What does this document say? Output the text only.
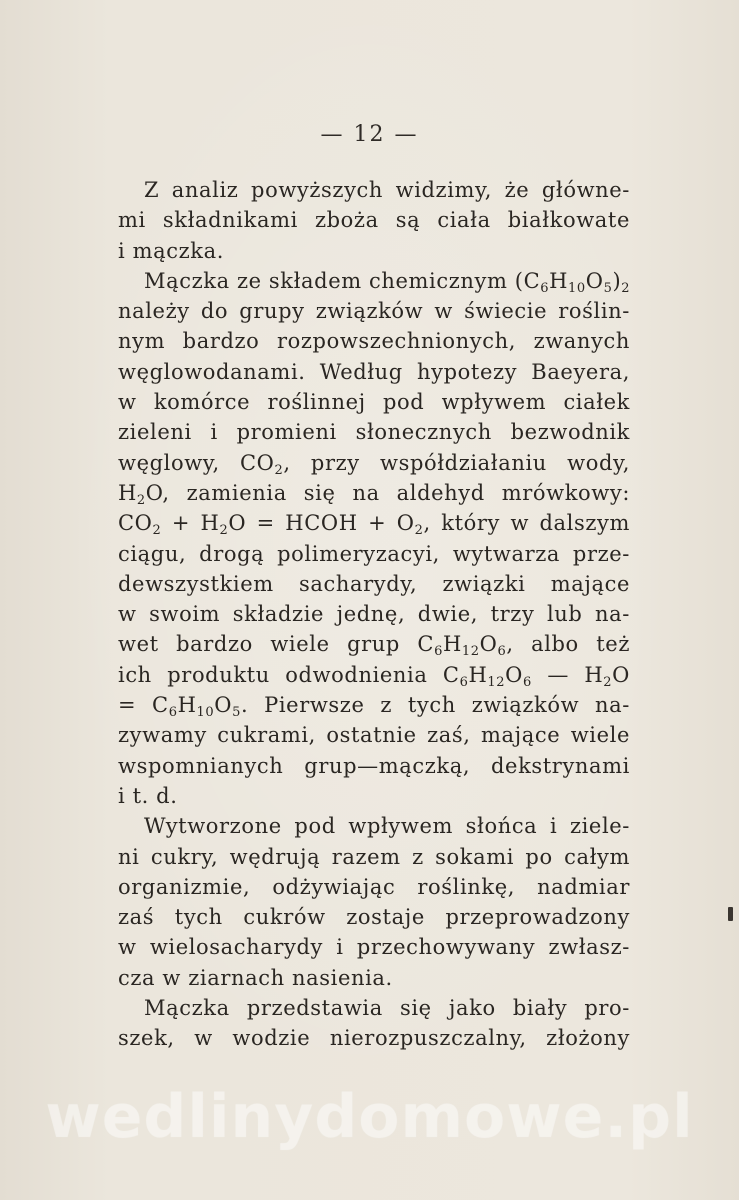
— 12 —
Z analiz powyższych widzimy, że główne-
mi składnikami zboża są ciała białkowate
i mączka.
Mączka ze składem chemicznym $(C_6H_{10}O_5)_2$
należy do grupy związków w świecie roślin-
nym bardzo rozpowszechnionych, zwanych
węglowodanami. Według hypotezy Baeyera,
w komórce roślinnej pod wpływem ciałek
zieleni i promieni słonecznych bezwodnik
węglowy, $CO_2$, przy współdziałaniu wody,
$H_2O$, zamienia się na aldehyd mrówkowy:
$CO_2 + H_2O$ = HCOH + $O_2$, który w dalszym
ciągu, drogą polimeryzacyi, wytwarza prze-
dewszystkiem sacharydy, związki mające
w swoim składzie jednę, dwie, trzy lub na-
wet bardzo wiele grup $C_6H_{12}O_6$, albo też
ich produktu odwodnienia $C_6H_{12}O_6$ — $H_2O$
= $C_6H_{10}O_5$. Pierwsze z tych związków na-
zywamy cukrami, ostatnie zaś, mające wiele
wspomnianych grup—mączką, dekstrynami
i t. d.
Wytworzone pod wpływem słońca i ziele-
ni cukry, wędrują razem z sokami po całym
organizmie, odżywiając roślinkę, nadmiar
zaś tych cukrów zostaje przeprowadzony
w wielosacharydy i przechowywany zwłasz-
cza w ziarnach nasienia.
Mączka przedstawia się jako biały pro-
szek, w wodzie nierozpuszczalny, złożony
wedlinydomowe.pl
